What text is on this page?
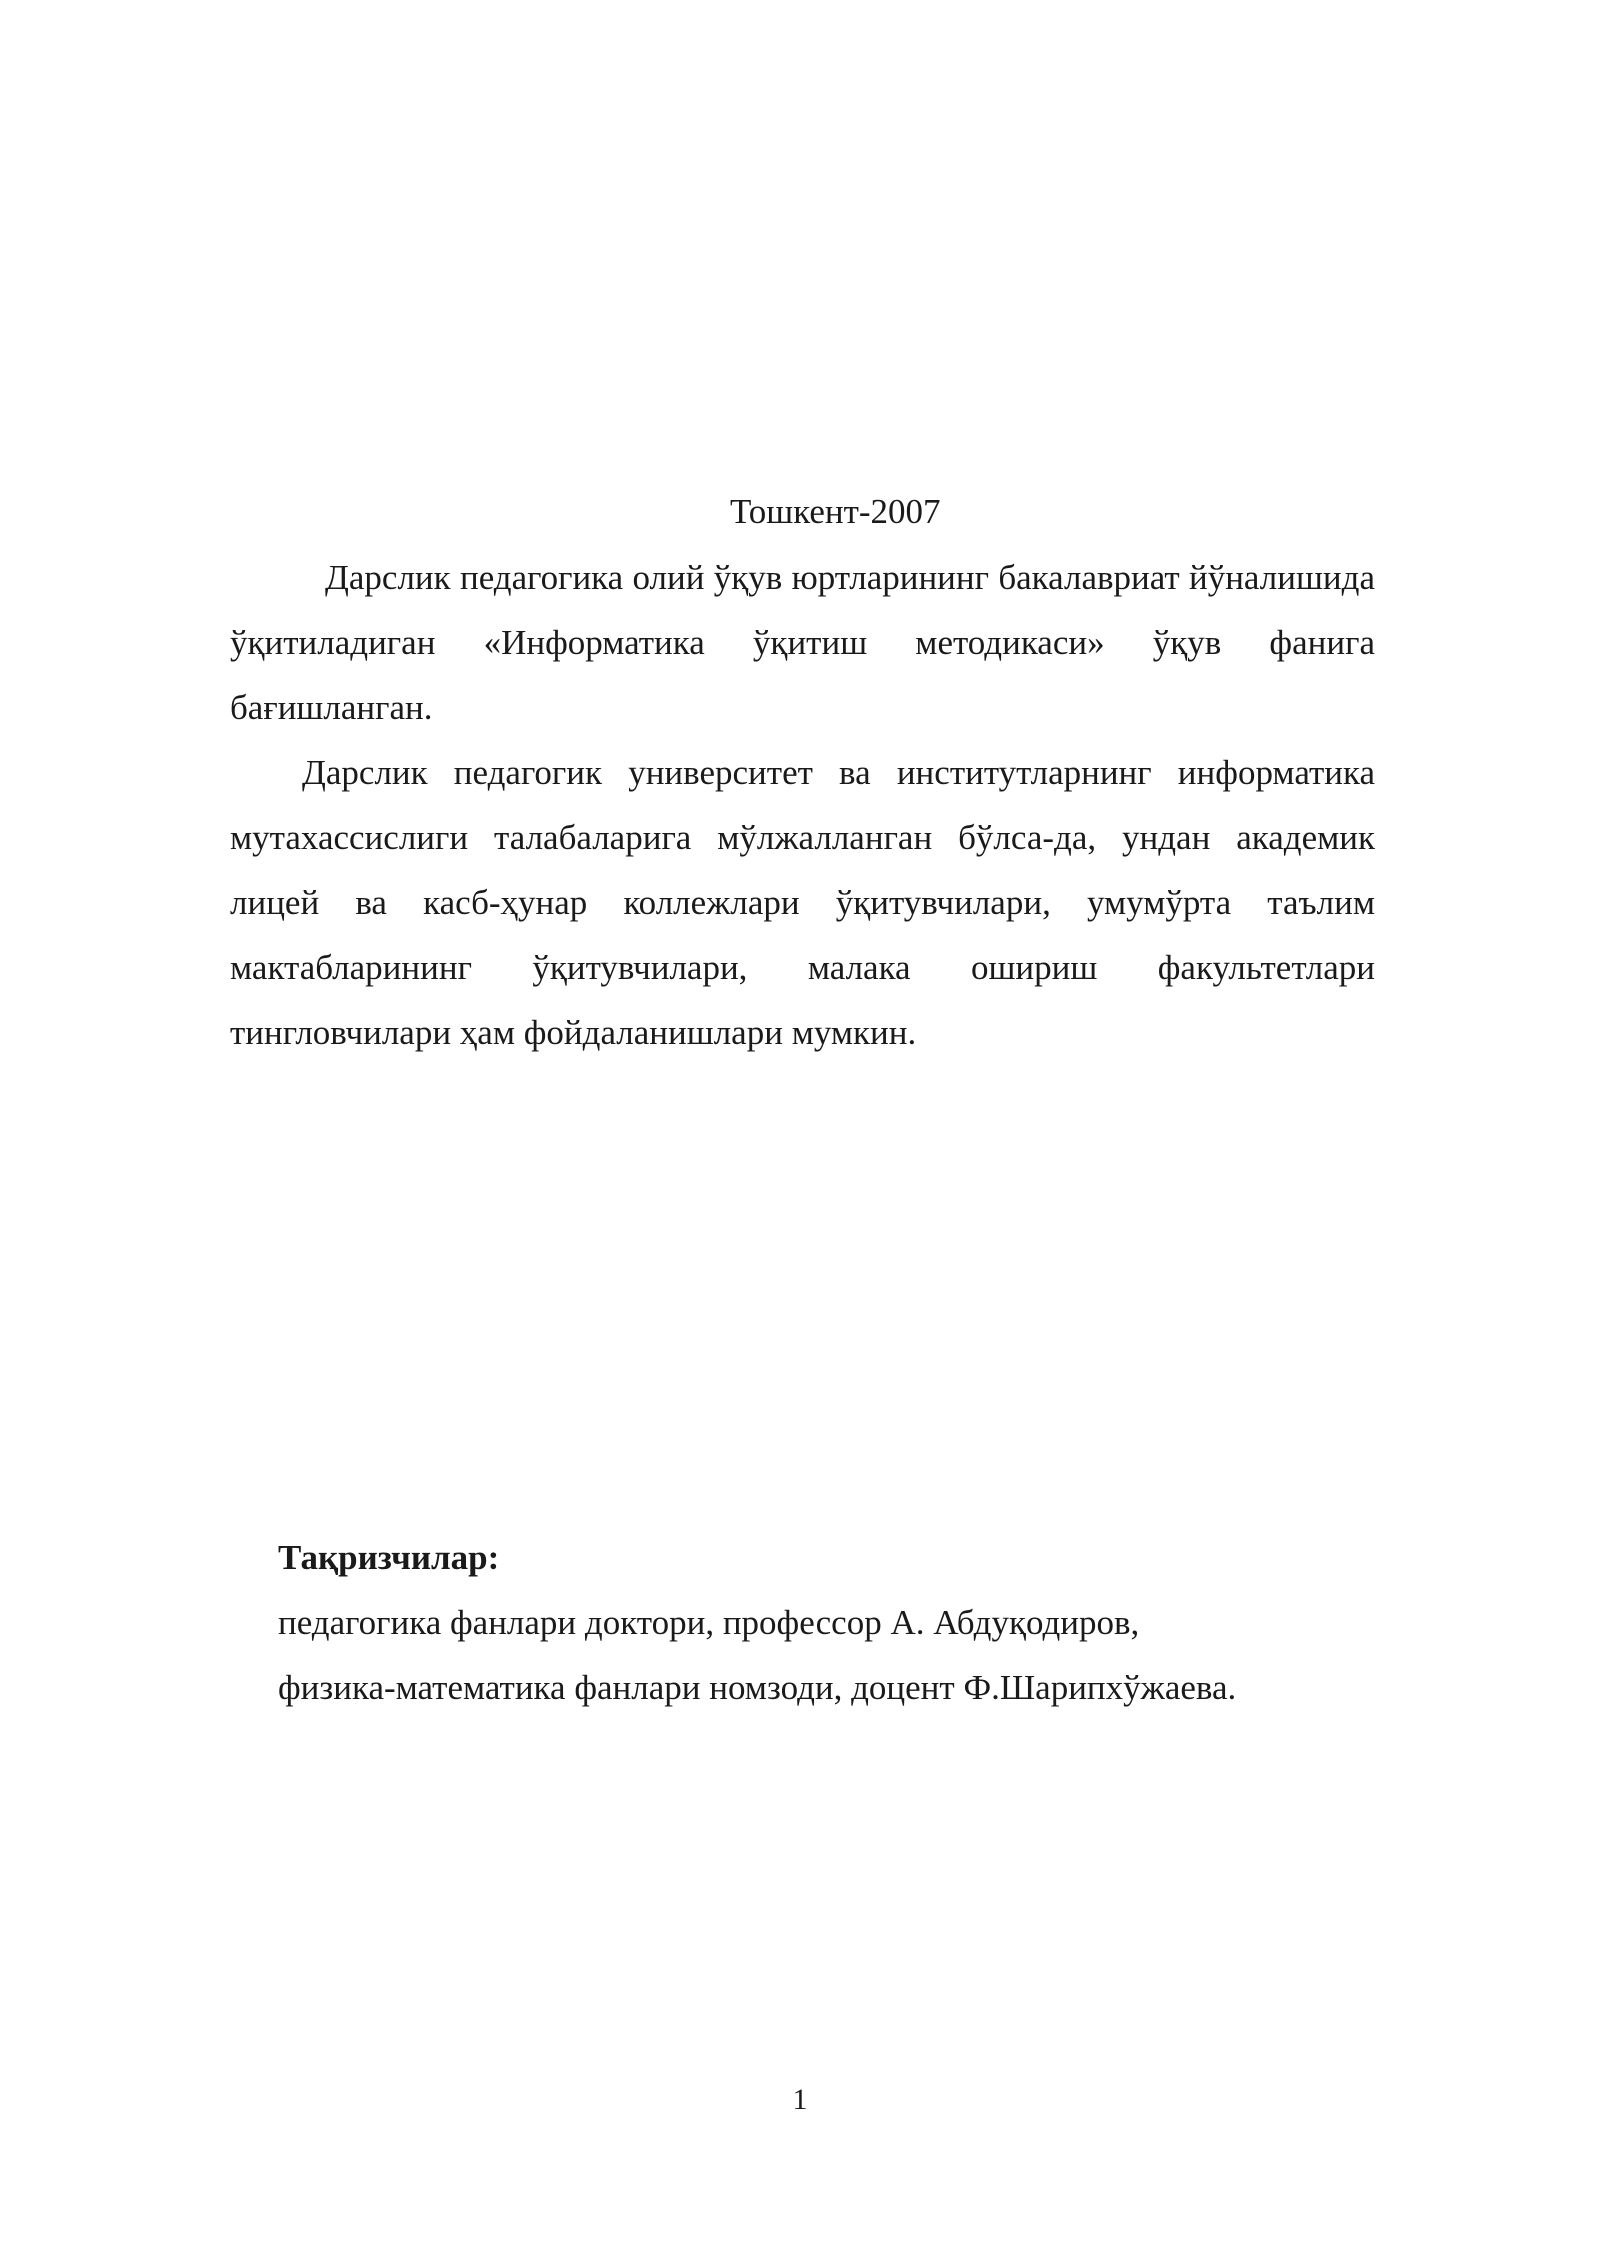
Тошкент-2007

Дарслик педагогика олий ўқув юртларининг бакалавриат йўналишида ўқитиладиган «Информатика ўқитиш методикаси» ўқув фанига бағишланган.

Дарслик педагогик университет ва институтларнинг информатика мутахассислиги талабаларига мўлжалланган бўлса-да, ундан академик лицей ва касб-ҳунар коллежлари ўқитувчилари, умумўрта таълим мактабларининг ўқитувчилари, малака ошириш факультетлари тингловчилари ҳам фойдаланишлари мумкин.

Тақризчилар:
педагогика фанлари доктори, профессор А. Абдуқодиров,
физика-математика фанлари номзоди, доцент Ф.Шарипхўжаева.
1
